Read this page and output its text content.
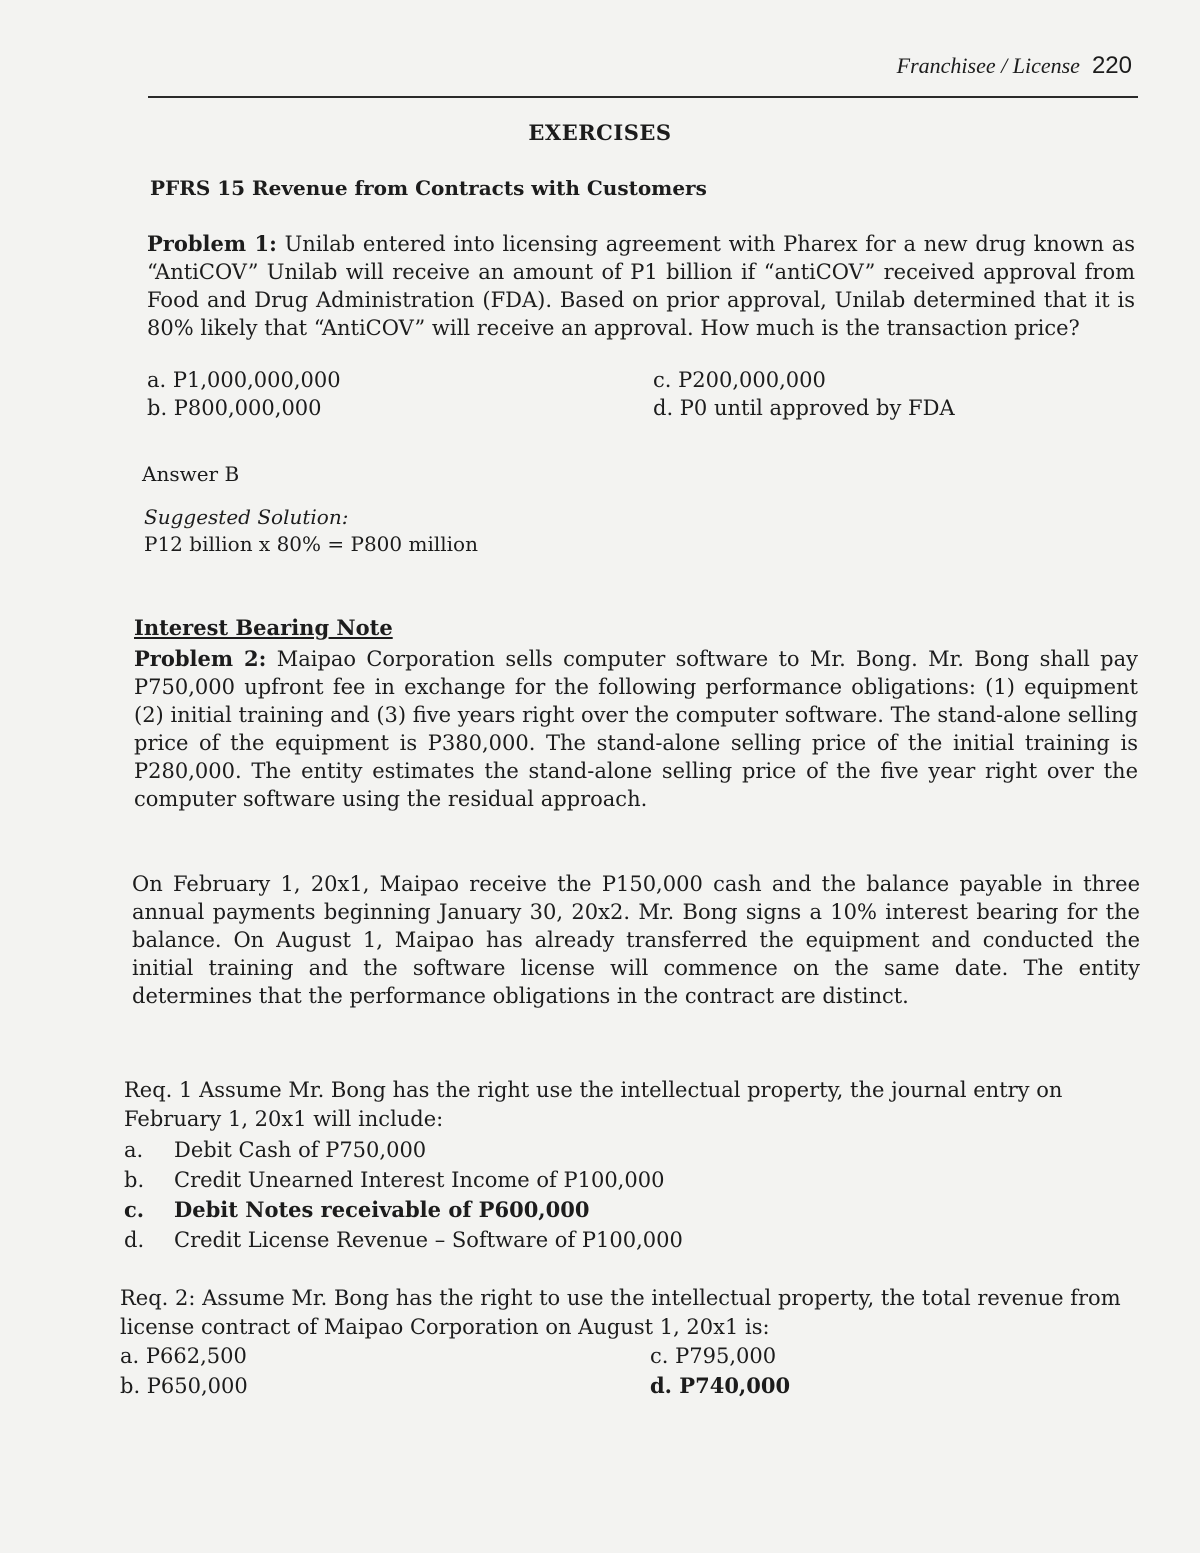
Franchisee / License 220
EXERCISES
PFRS 15 Revenue from Contracts with Customers

Problem 1: Unilab entered into licensing agreement with Pharex for a new drug known as “AntiCOV” Unilab will receive an amount of P1 billion if “antiCOV” received approval from Food and Drug Administration (FDA). Based on prior approval, Unilab determined that it is 80% likely that “AntiCOV” will receive an approval. How much is the transaction price?

a. P1,000,000,000
b. P800,000,000
c. P200,000,000
d. P0 until approved by FDA
Answer B
Suggested Solution:
P12 billion x 80% = P800 million
Interest Bearing Note

Problem 2: Maipao Corporation sells computer software to Mr. Bong. Mr. Bong shall pay P750,000 upfront fee in exchange for the following performance obligations: (1) equipment (2) initial training and (3) five years right over the computer software. The stand-alone selling price of the equipment is P380,000. The stand-alone selling price of the initial training is P280,000. The entity estimates the stand-alone selling price of the five year right over the computer software using the residual approach.

On February 1, 20x1, Maipao receive the P150,000 cash and the balance payable in three annual payments beginning January 30, 20x2. Mr. Bong signs a 10% interest bearing for the balance. On August 1, Maipao has already transferred the equipment and conducted the initial training and the software license will commence on the same date. The entity determines that the performance obligations in the contract are distinct.

Req. 1 Assume Mr. Bong has the right use the intellectual property, the journal entry on February 1, 20x1 will include:

a.	Debit Cash of P750,000
b.	Credit Unearned Interest Income of P100,000
c.	Debit Notes receivable of P600,000
d.	Credit License Revenue – Software of P100,000

Req. 2: Assume Mr. Bong has the right to use the intellectual property, the total revenue from license contract of Maipao Corporation on August 1, 20x1 is:

a. P662,500
b. P650,000
c. P795,000
d. P740,000
